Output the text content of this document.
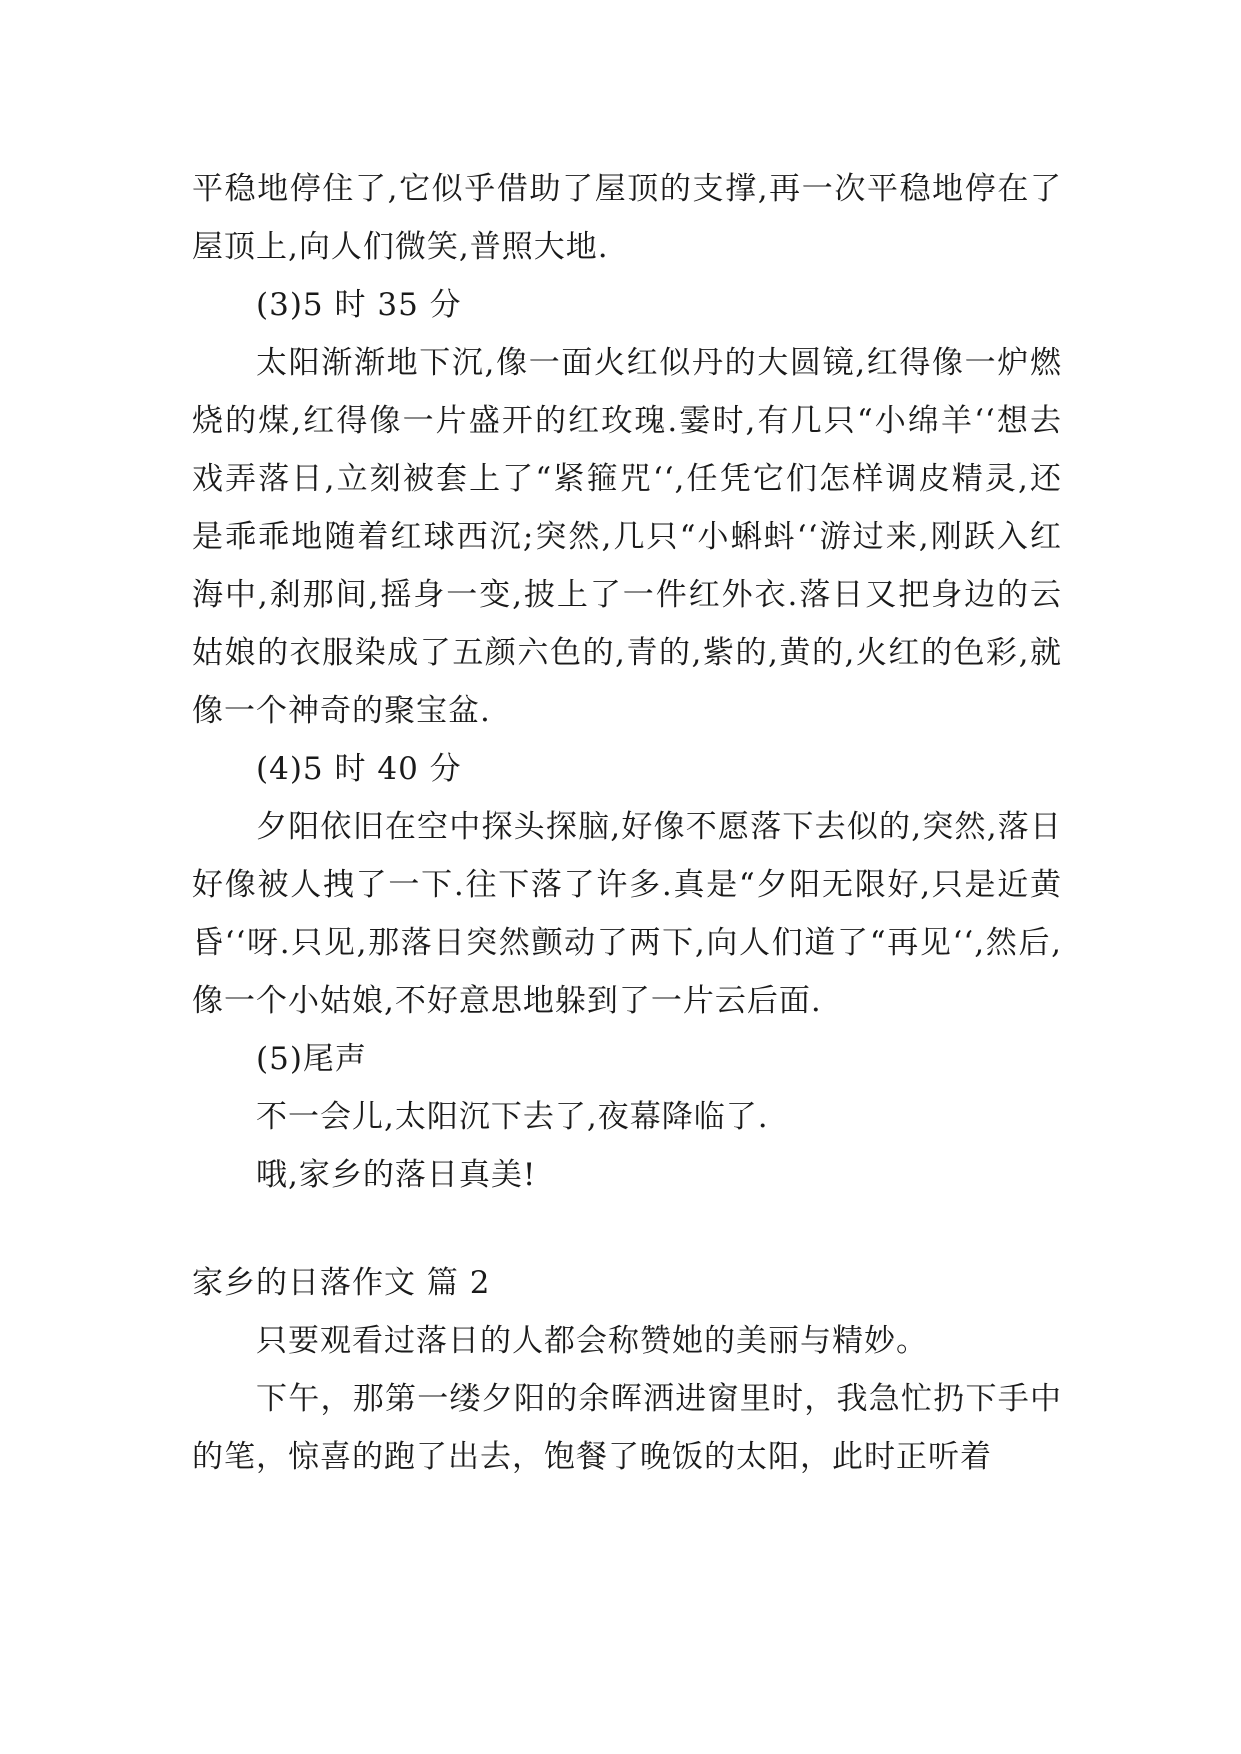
平稳地停住了,它似乎借助了屋顶的支撑,再一次平稳地停在了屋顶上,向人们微笑,普照大地.

(3)5 时 35 分

太阳渐渐地下沉,像一面火红似丹的大圆镜,红得像一炉燃烧的煤,红得像一片盛开的红玫瑰.霎时,有几只“小绵羊‘‘想去戏弄落日,立刻被套上了“紧箍咒‘‘,任凭它们怎样调皮精灵,还是乖乖地随着红球西沉;突然,几只“小蝌蚪‘‘游过来,刚跃入红海中,刹那间,摇身一变,披上了一件红外衣.落日又把身边的云姑娘的衣服染成了五颜六色的,青的,紫的,黄的,火红的色彩,就像一个神奇的聚宝盆.

(4)5 时 40 分

夕阳依旧在空中探头探脑,好像不愿落下去似的,突然,落日好像被人拽了一下.往下落了许多.真是“夕阳无限好,只是近黄昏‘‘呀.只见,那落日突然颤动了两下,向人们道了“再见‘‘,然后,像一个小姑娘,不好意思地躲到了一片云后面.

(5)尾声

不一会儿,太阳沉下去了,夜幕降临了.

哦,家乡的落日真美!

家乡的日落作文 篇 2

只要观看过落日的人都会称赞她的美丽与精妙。

下午，那第一缕夕阳的余晖洒进窗里时，我急忙扔下手中的笔，惊喜的跑了出去，饱餐了晚饭的太阳，此时正听着
